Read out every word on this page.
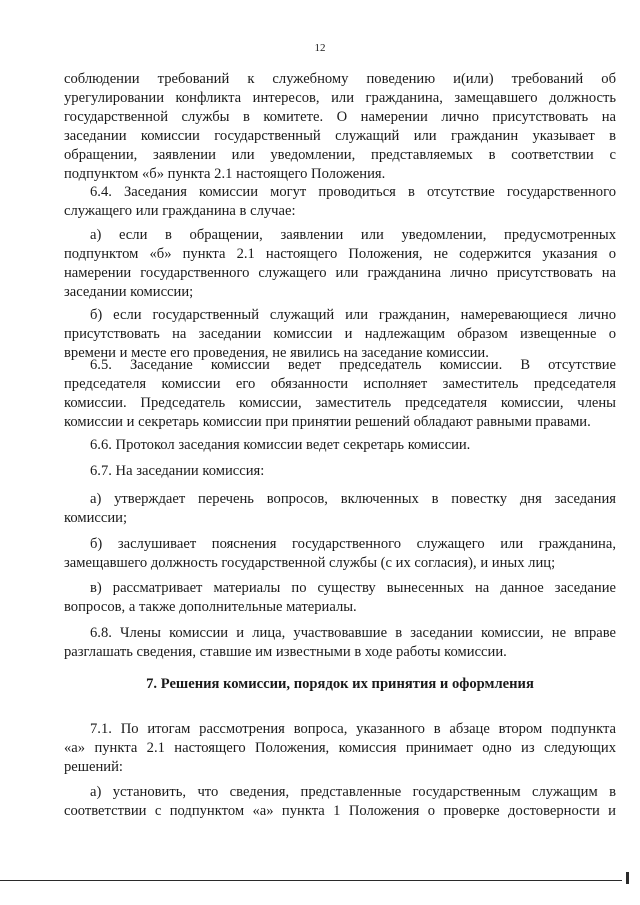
12
соблюдении требований к служебному поведению и(или) требований об
урегулировании конфликта интересов, или гражданина, замещавшего должность
государственной службы в комитете. О намерении лично присутствовать на
заседании комиссии государственный служащий или гражданин указывает в
обращении, заявлении или уведомлении, представляемых в соответствии с
подпунктом «б» пункта 2.1 настоящего Положения.
6.4. Заседания комиссии могут проводиться в отсутствие государственного
служащего или гражданина в случае:
а) если в обращении, заявлении или уведомлении, предусмотренных
подпунктом «б» пункта 2.1 настоящего Положения, не содержится указания о
намерении государственного служащего или гражданина лично присутствовать на
заседании комиссии;
б) если государственный служащий или гражданин, намеревающиеся лично
присутствовать на заседании комиссии и надлежащим образом извещенные о
времени и месте его проведения, не явились на заседание комиссии.
6.5. Заседание комиссии ведет председатель комиссии. В отсутствие
председателя комиссии его обязанности исполняет заместитель председателя
комиссии. Председатель комиссии, заместитель председателя комиссии, члены
комиссии и секретарь комиссии при принятии решений обладают равными правами.
6.6. Протокол заседания комиссии ведет секретарь комиссии.
6.7. На заседании комиссия:
а) утверждает перечень вопросов, включенных в повестку дня заседания
комиссии;
б) заслушивает пояснения государственного служащего или гражданина,
замещавшего должность государственной службы (с их согласия), и иных лиц;
в) рассматривает материалы по существу вынесенных на данное заседание
вопросов, а также дополнительные материалы.
6.8. Члены комиссии и лица, участвовавшие в заседании комиссии, не вправе
разглашать сведения, ставшие им известными в ходе работы комиссии.
7. Решения комиссии, порядок их принятия и оформления
7.1. По итогам рассмотрения вопроса, указанного в абзаце втором подпункта
«а» пункта 2.1 настоящего Положения, комиссия принимает одно из следующих
решений:
а) установить, что сведения, представленные государственным служащим в
соответствии с подпунктом «а» пункта 1 Положения о проверке достоверности и
